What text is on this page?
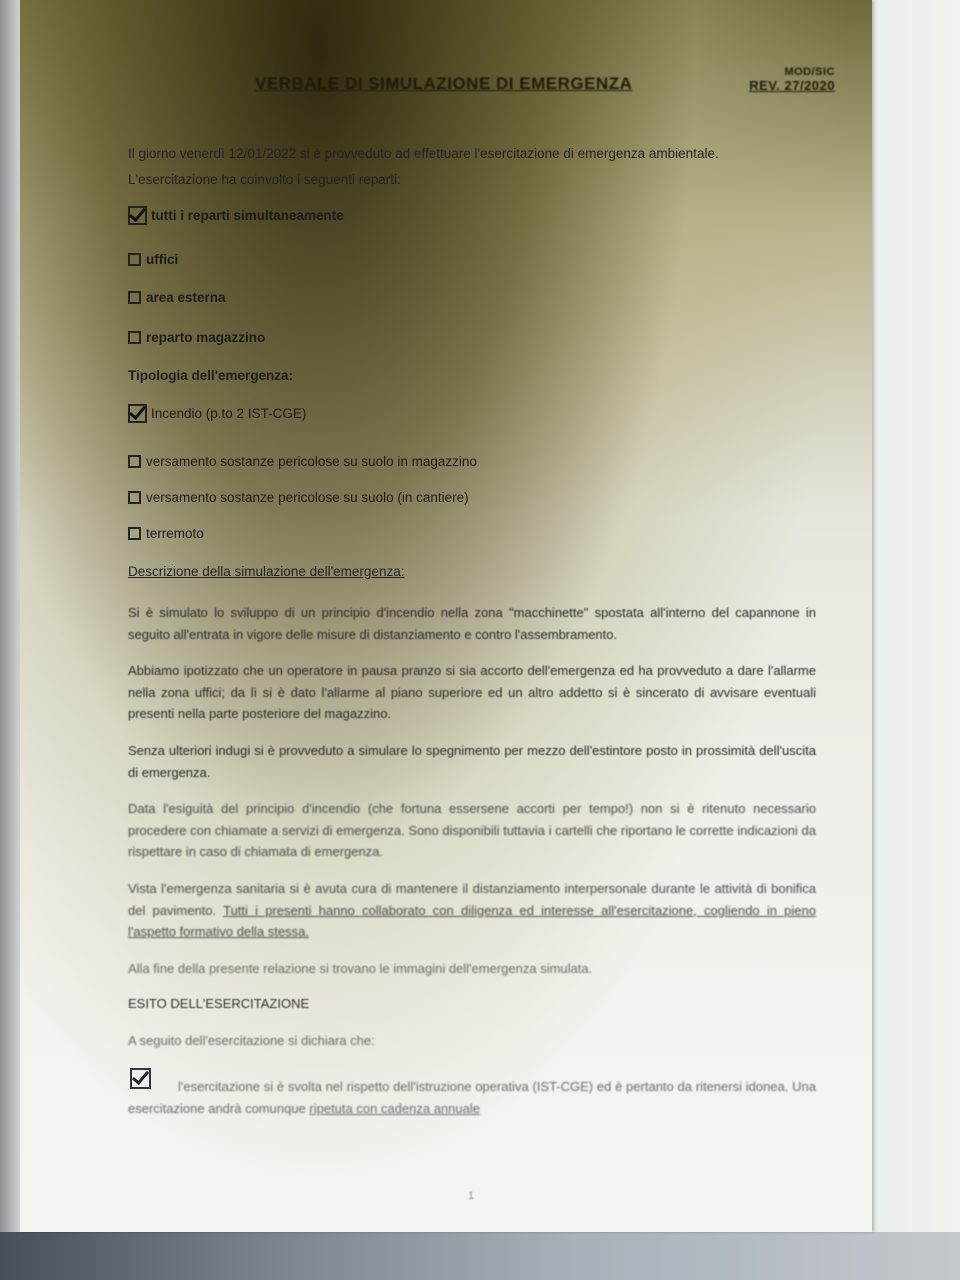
VERBALE DI SIMULAZIONE DI EMERGENZA
MOD/SIC
REV. 27/2020
Il giorno venerdì 12/01/2022 si è provveduto ad effettuare l'esercitazione di emergenza ambientale.
L'esercitazione ha coinvolto i seguenti reparti:
tutti i reparti simultaneamente
uffici
area esterna
reparto magazzino
Tipologia dell'emergenza:
Incendio (p.to 2 IST-CGE)
versamento sostanze pericolose su suolo in magazzino
versamento sostanze pericolose su suolo (in cantiere)
terremoto
Descrizione della simulazione dell'emergenza:
Si è simulato lo sviluppo di un principio d'incendio nella zona "macchinette" spostata all'interno del capannone in seguito all'entrata in vigore delle misure di distanziamento e contro l'assembramento.
Abbiamo ipotizzato che un operatore in pausa pranzo si sia accorto dell'emergenza ed ha provveduto a dare l'allarme nella zona uffici; da lì si è dato l'allarme al piano superiore ed un altro addetto si è sincerato di avvisare eventuali presenti nella parte posteriore del magazzino.
Senza ulteriori indugi si è provveduto a simulare lo spegnimento per mezzo dell'estintore posto in prossimità dell'uscita di emergenza.
Data l'esiguità del principio d'incendio (che fortuna essersene accorti per tempo!) non si è ritenuto necessario procedere con chiamate a servizi di emergenza. Sono disponibili tuttavia i cartelli che riportano le corrette indicazioni da rispettare in caso di chiamata di emergenza.
Vista l'emergenza sanitaria si è avuta cura di mantenere il distanziamento interpersonale durante le attività di bonifica del pavimento. Tutti i presenti hanno collaborato con diligenza ed interesse all'esercitazione, cogliendo in pieno l'aspetto formativo della stessa.
Alla fine della presente relazione si trovano le immagini dell'emergenza simulata.
ESITO DELL'ESERCITAZIONE
A seguito dell'esercitazione si dichiara che:
l'esercitazione si è svolta nel rispetto dell'istruzione operativa (IST-CGE) ed è pertanto da ritenersi idonea. Una esercitazione andrà comunque ripetuta con cadenza annuale
1
